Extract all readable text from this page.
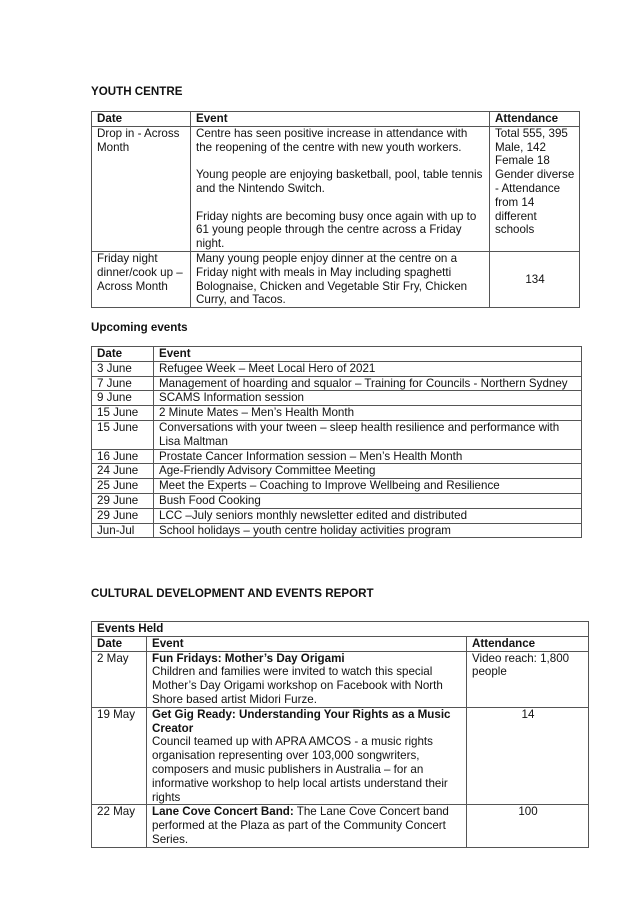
YOUTH CENTRE
Date	Event	Attendance
Drop in - Across Month	Centre has seen positive increase in attendance with the reopening of the centre with new youth workers.

Young people are enjoying basketball, pool, table tennis and the Nintendo Switch.

Friday nights are becoming busy once again with up to 61 young people through the centre across a Friday night.	Total 555, 395 Male, 142 Female 18 Gender diverse - Attendance from 14 different schools
Friday night dinner/cook up – Across Month	Many young people enjoy dinner at the centre on a Friday night with meals in May including spaghetti Bolognaise, Chicken and Vegetable Stir Fry, Chicken Curry, and Tacos.	134
Upcoming events
Date	Event
3 June	Refugee Week – Meet Local Hero of 2021
7 June	Management of hoarding and squalor – Training for Councils - Northern Sydney
9 June	SCAMS Information session
15 June	2 Minute Mates – Men’s Health Month
15 June	Conversations with your tween – sleep health resilience and performance with Lisa Maltman
16 June	Prostate Cancer Information session – Men’s Health Month
24 June	Age-Friendly Advisory Committee Meeting
25 June	Meet the Experts – Coaching to Improve Wellbeing and Resilience
29 June	Bush Food Cooking
29 June	LCC –July seniors monthly newsletter edited and distributed
Jun-Jul	School holidays – youth centre holiday activities program
CULTURAL DEVELOPMENT AND EVENTS REPORT
Events Held		
Date	Event	Attendance
2 May	Fun Fridays: Mother’s Day Origami

Children and families were invited to watch this special Mother’s Day Origami workshop on Facebook with North Shore based artist Midori Furze.	Video reach: 1,800 people
19 May	Get Gig Ready: Understanding Your Rights as a Music Creator

Council teamed up with APRA AMCOS - a music rights organisation representing over 103,000 songwriters, composers and music publishers in Australia – for an informative workshop to help local artists understand their rights	14
22 May	Lane Cove Concert Band: The Lane Cove Concert band performed at the Plaza as part of the Community Concert Series.	100
